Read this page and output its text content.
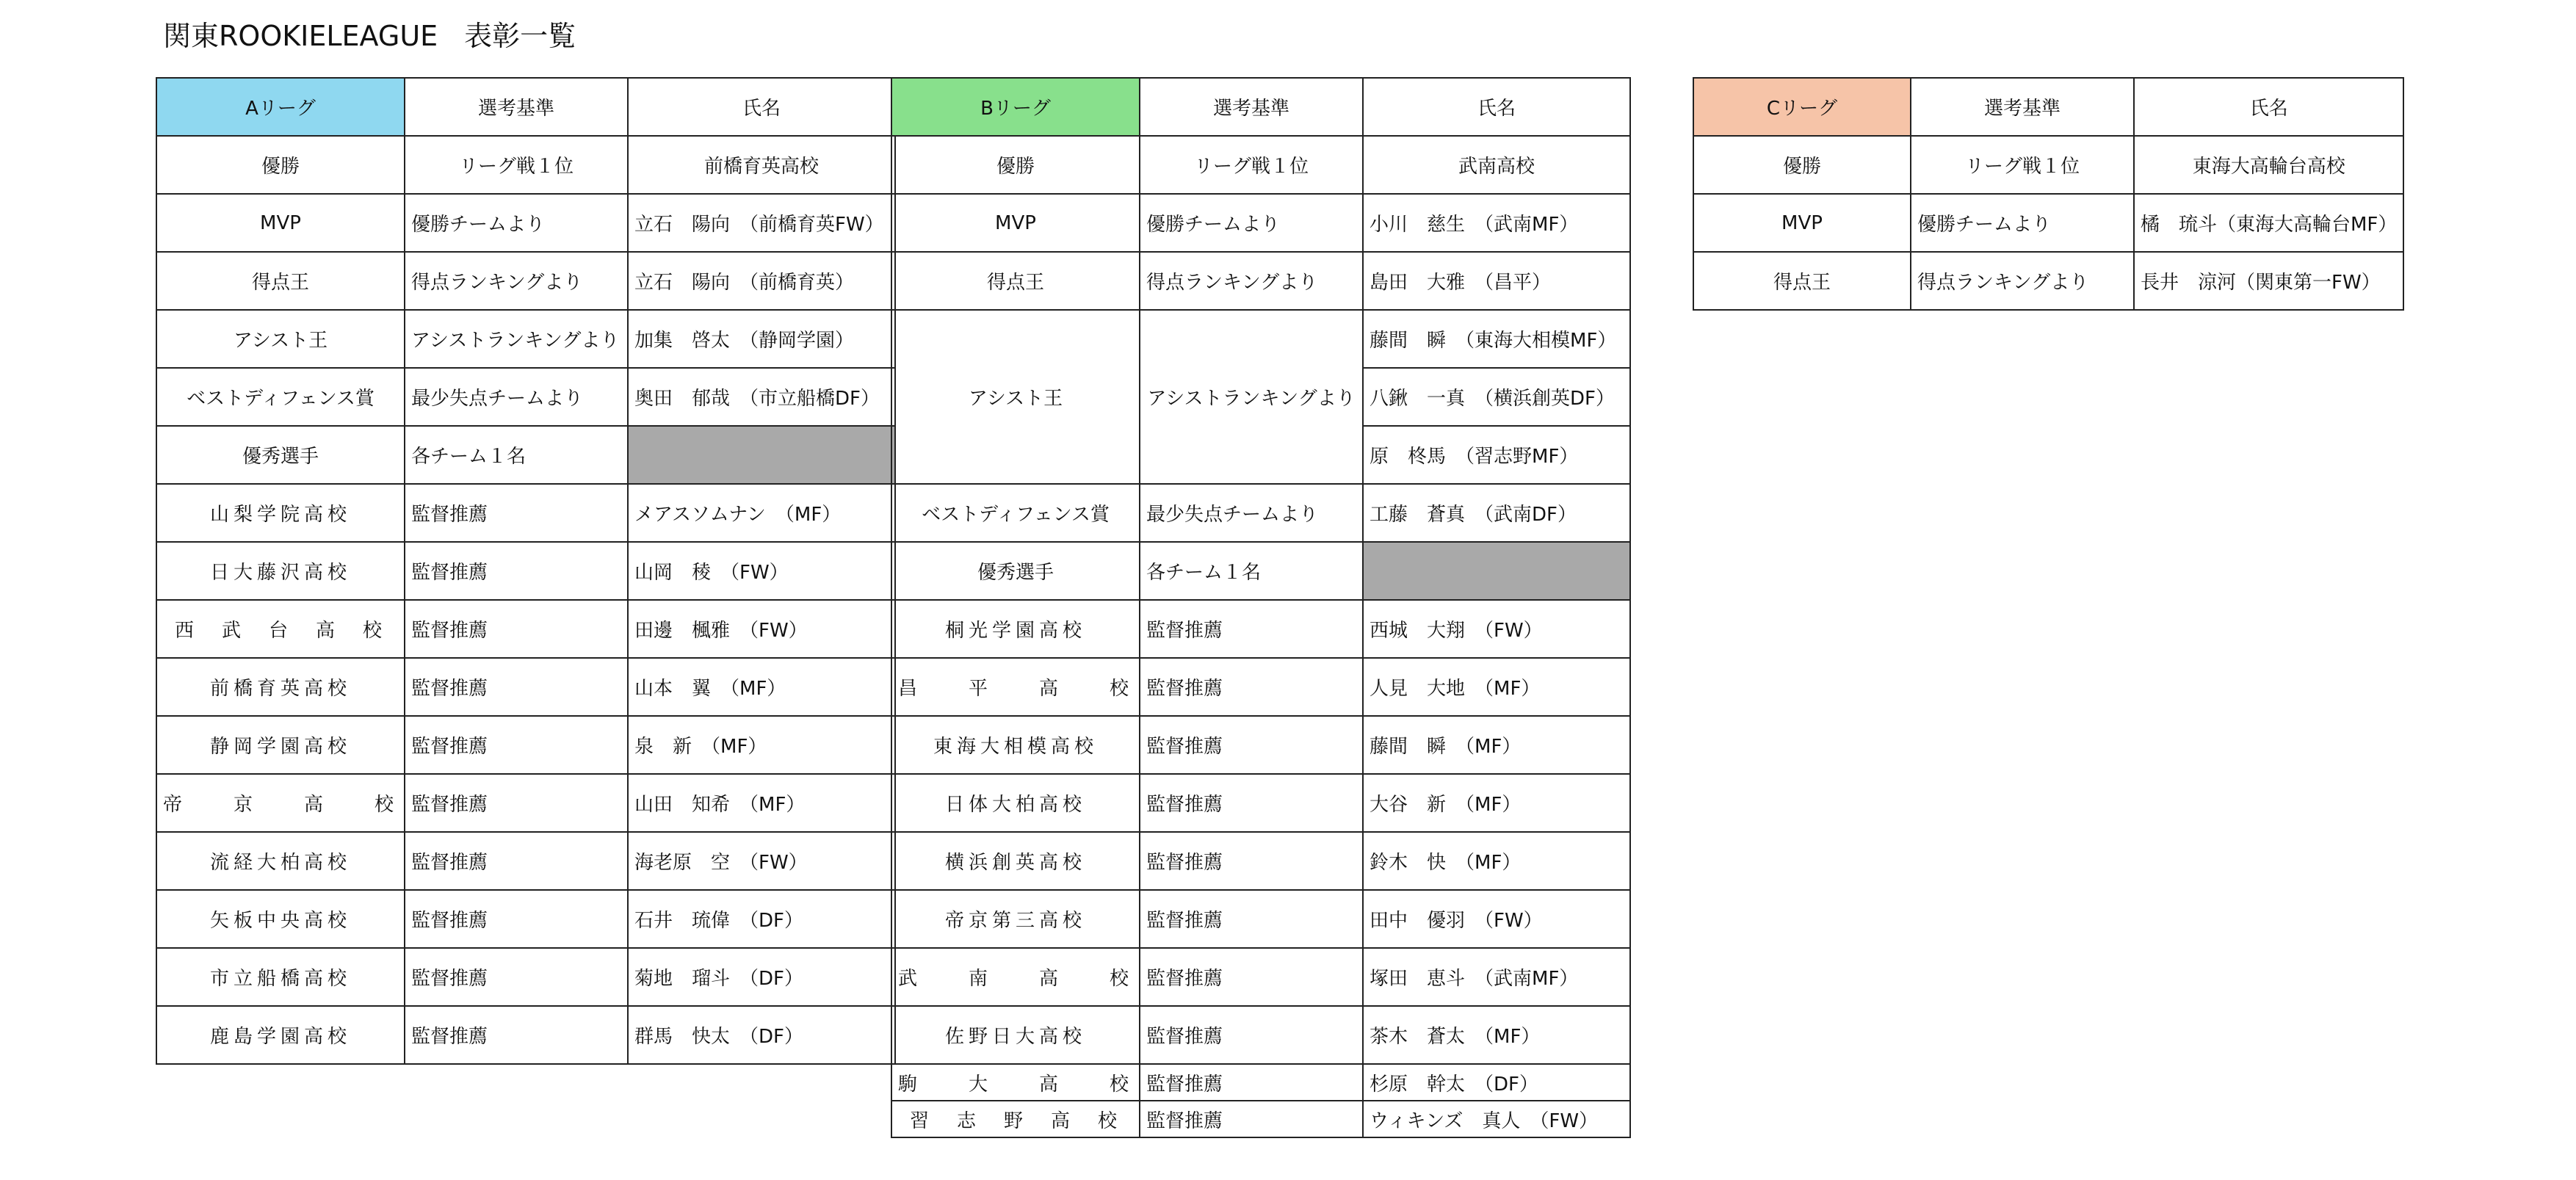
関東ROOKIELEAGUE 表彰一覧
Aリーグ	選考基準	氏名
優勝	リーグ戦１位	前橋育英高校
MVP	優勝チームより	立石　陽向　（前橋育英FW）
得点王	得点ランキングより	立石　陽向　（前橋育英）
アシスト王	アシストランキングより	加集　啓太　（静岡学園）
ベストディフェンス賞	最少失点チームより	奥田　郁哉　（市立船橋DF）
優秀選手	各チーム１名	
山梨学院高校	監督推薦	メアスソムナン　（MF）
日大藤沢高校	監督推薦	山岡　稜　（FW）
西　武　台　高　校	監督推薦	田邊　楓雅　（FW）
前橋育英高校	監督推薦	山本　翼　（MF）
静岡学園高校	監督推薦	泉　新　（MF）
帝　　京　　高　　校	監督推薦	山田　知希　（MF）
流経大柏高校	監督推薦	海老原　空　（FW）
矢板中央高校	監督推薦	石井　琉偉　（DF）
市立船橋高校	監督推薦	菊地　瑠斗　（DF）
鹿島学園高校	監督推薦	群馬　快太　（DF）
Bリーグ	選考基準	氏名
優勝	リーグ戦１位	武南高校
MVP	優勝チームより	小川　慈生　（武南MF）
得点王	得点ランキングより	島田　大雅　（昌平）
アシスト王	アシストランキングより	藤間　瞬　（東海大相模MF）
		八鍬　一真　（横浜創英DF）
		原　柊馬　（習志野MF）
ベストディフェンス賞	最少失点チームより	工藤　蒼真　（武南DF）
優秀選手	各チーム１名	
桐光学園高校	監督推薦	西城　大翔　（FW）
昌　　平　　高　　校	監督推薦	人見　大地　（MF）
東海大相模高校	監督推薦	藤間　瞬　（MF）
日体大柏高校	監督推薦	大谷　新　（MF）
横浜創英高校	監督推薦	鈴木　快　（MF）
帝京第三高校	監督推薦	田中　優羽　（FW）
武　　南　　高　　校	監督推薦	塚田　恵斗　（武南MF）
佐野日大高校	監督推薦	茶木　蒼太　（MF）
駒　　大　　高　　校	監督推薦	杉原　幹太　（DF）
習　志　野　高　校	監督推薦	ウィキンズ　真人　（FW）
Cリーグ	選考基準	氏名
優勝	リーグ戦１位	東海大高輪台高校
MVP	優勝チームより	橘　琉斗（東海大高輪台MF）
得点王	得点ランキングより	長井　涼河（関東第一FW）
